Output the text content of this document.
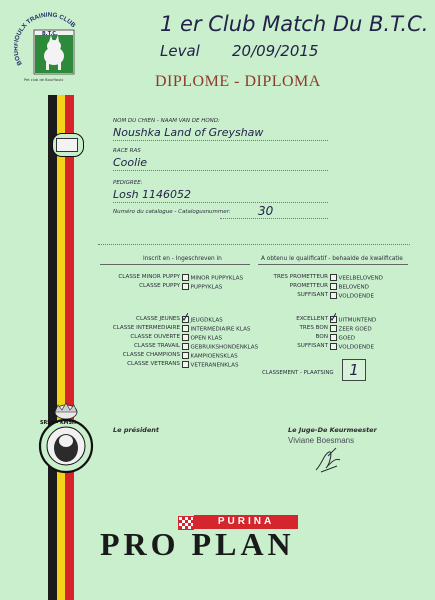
BO OULX TRAINING CLUB
B.T.C.
Pet club de Bourfioulx
1 er Club Match Du B.T.C.
Leval 20/09/2015
DIPLOME - DIPLOMA
NOM DU CHIEN - NAAM VAN DE HOND:
Noushka Land of Greyshaw
RACE RAS
Coolie
PEDIGREE:
Losh 1146052
Numéro du catalogue - Catalogusnummer: 30
Inscrit en - Ingeschreven in
CLASSE MINOR PUPPY	MINOR PUPPYKLAS
CLASSE PUPPY	PUPPYKLAS
CLASSE JEUNES	JEUGDKLAS
CLASSE INTERMEDIAIRE	INTERMEDIAIRE KLAS
CLASSE OUVERTE	OPEN KLAS
CLASSE TRAVAIL	GEBRUIKSHONDENKLAS
CLASSE CHAMPIONS	KAMPIOENSKLAS
CLASSE VETERANS	VETERANENKLAS
A obtenu le qualificatif - behaalde de kwalificatie
TRES PROMETTEUR	VEELBELOVEND
PROMETTEUR	BELOVEND
SUFFISANT	VOLDOENDE
EXCELLENT	UITMUNTEND
TRES BON	ZEER GOED
BON	GOED
SUFFISANT	VOLDOENDE
CLASSEMENT - PLAATSING	1
SRSH - KMSH
Le président	Le Juge-De Keurmeester
Viviane Boesmans
PURINA
PRO PLAN
